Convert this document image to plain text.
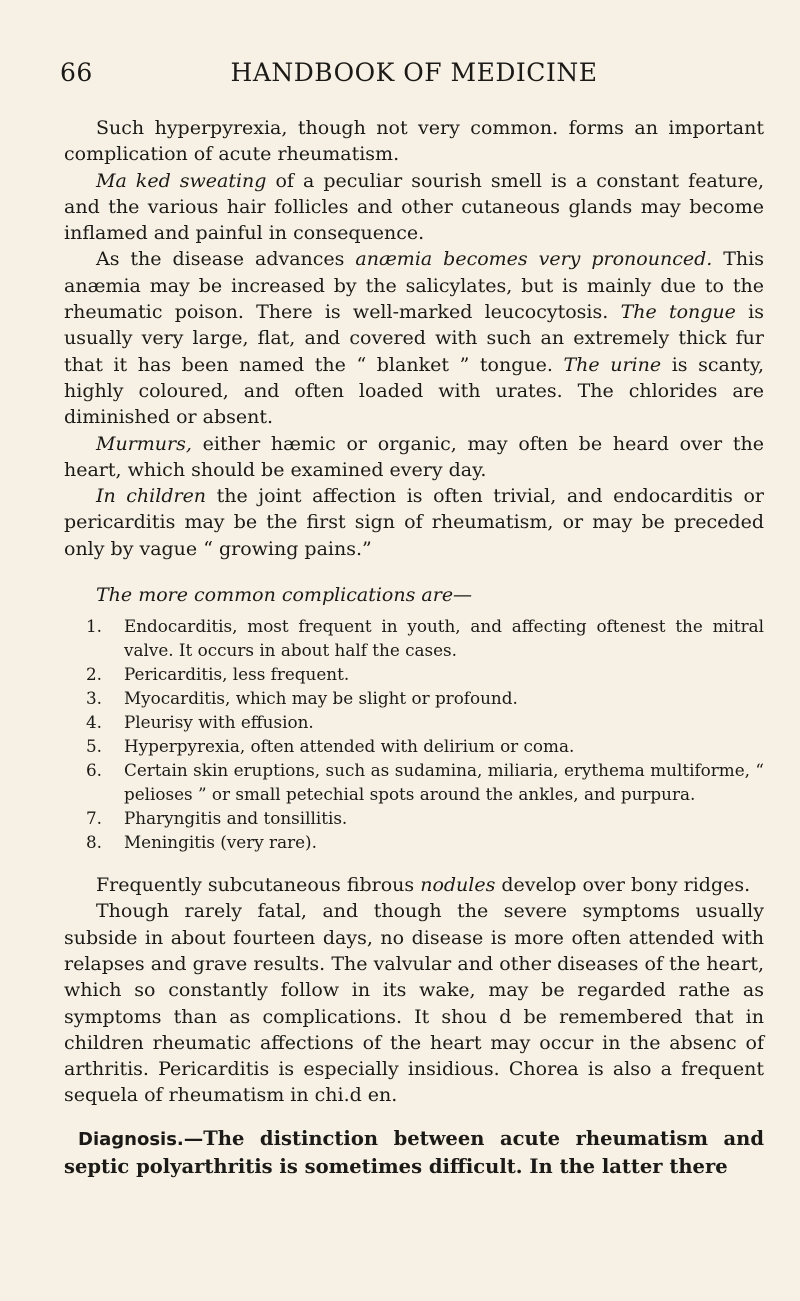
66	HANDBOOK OF MEDICINE

Such hyperpyrexia, though not very common. forms an important complication of acute rheumatism.

Ma ked sweating of a peculiar sourish smell is a constant feature, and the various hair follicles and other cutaneous glands may become inflamed and painful in consequence.

As the disease advances anæmia becomes very pronounced. This anæmia may be increased by the salicylates, but is mainly due to the rheumatic poison. There is well-marked leucocytosis. The tongue is usually very large, flat, and covered with such an extremely thick fur that it has been named the “ blanket ” tongue. The urine is scanty, highly coloured, and often loaded with urates. The chlorides are diminished or absent.

Murmurs, either hæmic or organic, may often be heard over the heart, which should be examined every day.

In children the joint affection is often trivial, and endocarditis or pericarditis may be the first sign of rheumatism, or may be preceded only by vague “ growing pains.”

The more common complications are—
1. Endocarditis, most frequent in youth, and affecting oftenest the mitral valve. It occurs in about half the cases.
2. Pericarditis, less frequent.
3. Myocarditis, which may be slight or profound.
4. Pleurisy with effusion.
5. Hyperpyrexia, often attended with delirium or coma.
6. Certain skin eruptions, such as sudamina, miliaria, erythema multiforme, “ pelioses ” or small petechial spots around the ankles, and purpura.
7. Pharyngitis and tonsillitis.
8. Meningitis (very rare).

Frequently subcutaneous fibrous nodules develop over bony ridges.

Though rarely fatal, and though the severe symptoms usually subside in about fourteen days, no disease is more often attended with relapses and grave results. The valvular and other diseases of the heart, which so constantly follow in its wake, may be regarded rathe as symptoms than as complications. It shou d be remembered that in children rheumatic affections of the heart may occur in the absenc of arthritis. Pericarditis is especially insidious. Chorea is also a frequent sequela of rheumatism in chi.d en.

Diagnosis.—The distinction between acute rheumatism and septic polyarthritis is sometimes difficult. In the latter there
